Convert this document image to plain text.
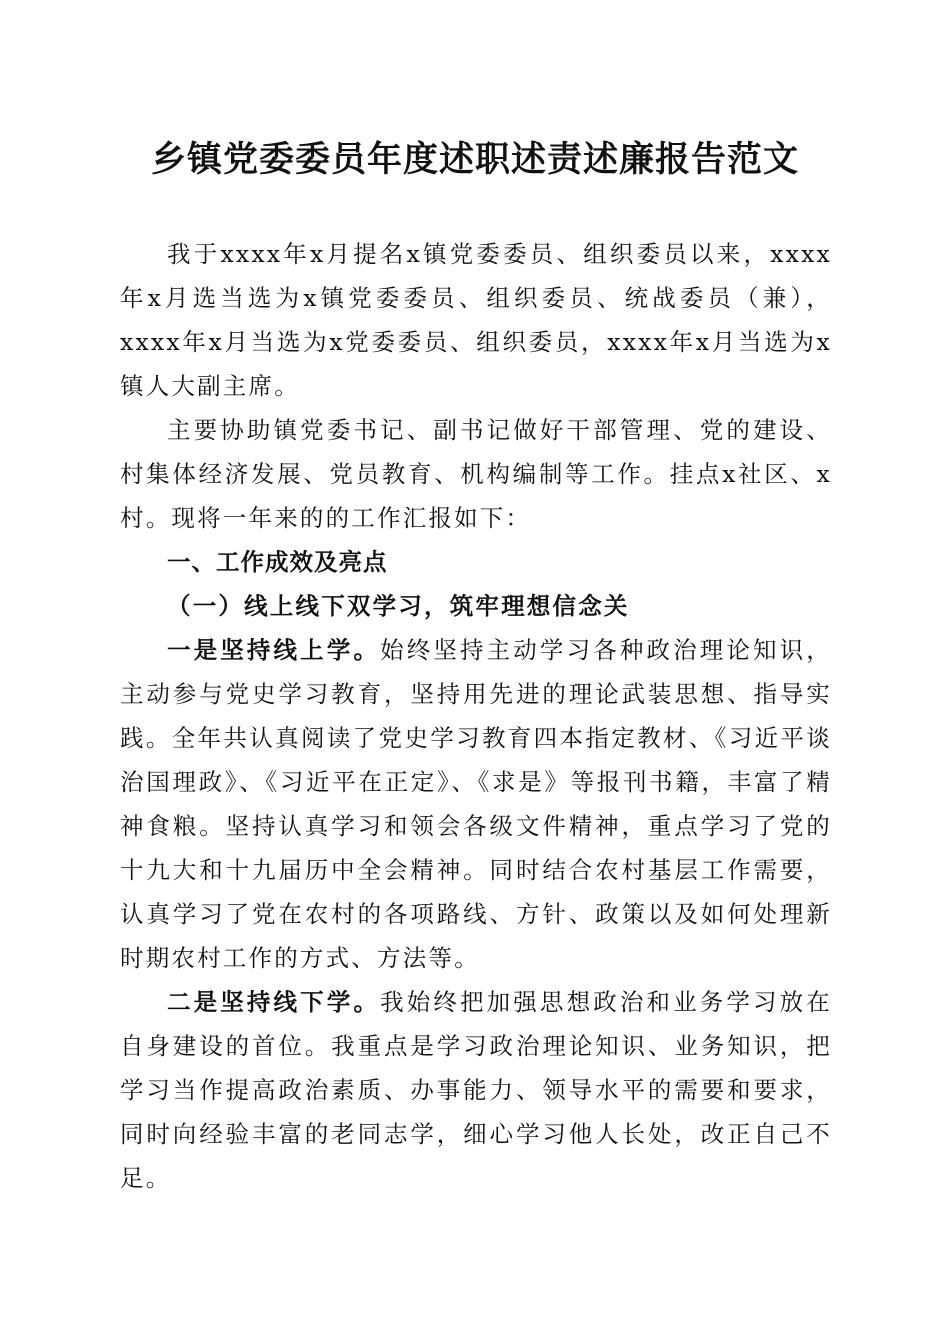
乡镇党委委员年度述职述责述廉报告范文

我于xxxx年x月提名x镇党委委员、组织委员以来，xxxx年x月选当选为x镇党委委员、组织委员、统战委员（兼），xxxx年x月当选为x党委委员、组织委员，xxxx年x月当选为x镇人大副主席。

主要协助镇党委书记、副书记做好干部管理、党的建设、村集体经济发展、党员教育、机构编制等工作。挂点x社区、x村。现将一年来的的工作汇报如下：

一、工作成效及亮点

（一）线上线下双学习，筑牢理想信念关

一是坚持线上学。始终坚持主动学习各种政治理论知识，主动参与党史学习教育，坚持用先进的理论武装思想、指导实践。全年共认真阅读了党史学习教育四本指定教材、《习近平谈治国理政》、《习近平在正定》、《求是》等报刊书籍，丰富了精神食粮。坚持认真学习和领会各级文件精神，重点学习了党的十九大和十九届历中全会精神。同时结合农村基层工作需要，认真学习了党在农村的各项路线、方针、政策以及如何处理新时期农村工作的方式、方法等。

二是坚持线下学。我始终把加强思想政治和业务学习放在自身建设的首位。我重点是学习政治理论知识、业务知识，把学习当作提高政治素质、办事能力、领导水平的需要和要求，同时向经验丰富的老同志学，细心学习他人长处，改正自己不足。
